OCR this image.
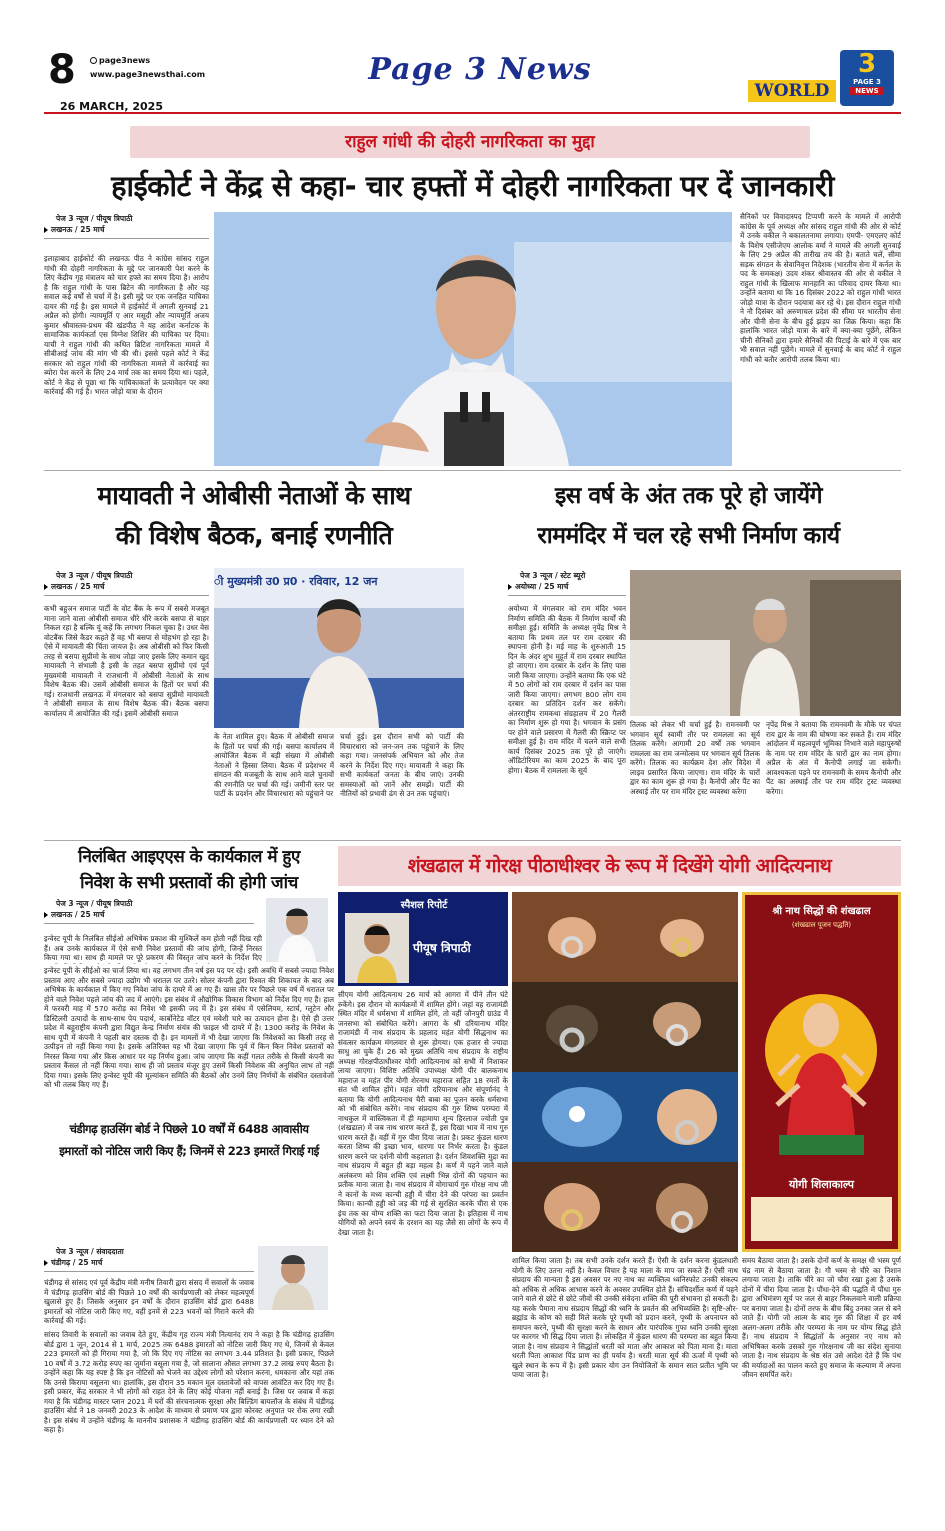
8	page3news
www.page3newsthai.com
26 MARCH, 2025
Page 3 News
WORLD
3
PAGE 3
NEWS
राहुल गांधी की दोहरी नागरिकता का मुद्दा
हाईकोर्ट ने केंद्र से कहा- चार हफ्तों में दोहरी नागरिकता पर दें जानकारी
पेज 3 न्यूज / पीयूष त्रिपाठी
लखनऊ / 25 मार्च
इलाहाबाद हाईकोर्ट की लखनऊ पीठ ने कांग्रेस सांसद राहुल गांधी की दोहरी नागरिकता के मुद्दे पर जानकारी पेश करने के लिए केंद्रीय गृह मंत्रालय को चार हफ्ते का समय दिया है। आरोप है कि राहुल गांधी के पास ब्रिटेन की नागरिकता है और यह सवाल कई वर्षों से चर्चा में है। इसी मुद्दे पर एक जनहित याचिका दायर की गई है। इस मामले में हाईकोर्ट में अगली सुनवाई 21 अप्रैल को होगी। न्यायमूर्ति ए आर मसूदी और न्यायमूर्ति अजय कुमार श्रीवास्तव-प्रथम की खंडपीठ ने यह आदेश कर्नाटक के सामाजिक कार्यकर्ता एस विग्नेश शिशिर की याचिका पर दिया। याची ने राहुल गांधी की कथित ब्रिटिश नागरिकता मामले में सीबीआई जांच की मांग भी की थी। इससे पहले कोर्ट ने केंद्र सरकार को राहुल गांधी की नागरिकता मामले में कार्रवाई का ब्योरा पेश करने के लिए 24 मार्च तक का समय दिया था। पहले, कोर्ट ने केंद्र से पूछा था कि याचिकाकर्ता के प्रत्यावेदन पर क्या कार्रवाई की गई है। भारत जोड़ो यात्रा के दौरान
सैनिकों पर विवादास्पद टिप्पणी करने के मामले में आरोपी कांग्रेस के पूर्व अध्यक्ष और सांसद राहुल गांधी की ओर से कोर्ट में उनके वकील ने बकालतनामा लगाया। एमपी- एमएलए कोर्ट के विशेष एसीजेएम आलोक वर्मा ने मामले की अगली सुनवाई के लिए 29 अप्रैल की तारीख तय की है। बताते चलें, सीमा सड़क संगठन के सेवानिवृत्त निदेशक (भारतीय सेना में कर्नल के पद के समकक्ष) उदय शंकर श्रीवास्तव की ओर से वकील ने राहुल गांधी के खिलाफ मानहानि का परिवाद दायर किया था। उन्होंने बताया था कि 16 दिसंबर 2022 को राहुल गांधी भारत जोड़ो यात्रा के दौरान पदयात्रा कर रहे थे। इस दौरान राहुल गांधी ने नौ दिसंबर को अरुणाचल प्रदेश की सीमा पर भारतीय सेना और चीनी सेना के बीच हुई झड़प का जिक्र किया। कहा कि हालांकि भारत जोड़ो यात्रा के बारे में क्या-क्या पूछेंगे, लेकिन चीनी सैनिकों द्वारा हमारे सैनिकों की पिटाई के बारे में एक बार भी सवाल नहीं पूछेंगे। मामले में सुनवाई के बाद कोर्ट ने राहुल गांधी को बतौर आरोपी तलब किया था।
मायावती ने ओबीसी नेताओं के साथ
की विशेष बैठक, बनाई रणनीति
पेज 3 न्यूज / पीयूष त्रिपाठी
लखनऊ / 25 मार्च
कभी बहुजन समाज पार्टी के वोट बैंक के रूप में सबसे मजबूत माना जाने वाला ओबीसी समाज धीरे धीरे करके बसपा से बाहर निकल रहा है बल्कि यूं कहें कि लगभग निकल चुका है। उधर वेस वोटबैंक जिसे कैडर कहते हैं वह भी बसपा से मोहभंग हो रहा है। ऐसे में मायावती की चिंता जायज है। अब ओबीसी को फिर किसी तरह से बसपा सुप्रीमो के साथ जोड़ा जाए इसके लिए कमान खुद मायावती ने संभाली है इसी के तहत बसपा सुप्रीमो एवं पूर्व मुख्यमंत्री मायावती ने राजधानी में ओबीसी नेताओं के साथ विशेष बैठक की। उसमें ओबीसी समाज के हितों पर चर्चा की गई। राजधानी लखनऊ में मंगलवार को बसपा सुप्रीमो मायावती ने ओबीसी समाज के साथ विशेष बैठक की। बैठक बसपा कार्यालय में आयोजित की गई। इसमें ओबीसी समाज
ी मुख्यमंत्री उ0 प्र0 · रविवार, 12 जन
के नेता शामिल हुए। बैठक में ओबीसी समाज के हितों पर चर्चा की गई। बसपा कार्यालय में आयोजित बैठक में बड़ी संख्या में ओबीसी नेताओं ने हिस्सा लिया। बैठक में प्रदेशभर में संगठन की मजबूती के साथ आने वाले चुनावों की रणनीति पर चर्चा की गई। जमीनी स्तर पर पार्टी के प्रदर्शन और विचारधारा को पहुंचाने पर
चर्चा हुई। इस दौरान सभी को पार्टी की विचारधारा को जन-जन तक पहुंचाने के लिए कहा गया। जनसंपर्क अभियान को और तेज करने के निर्देश दिए गए। मायावती ने कहा कि सभी कार्यकर्ता जनता के बीच जाएं। उनकी समस्याओं को जानें और समझें। पार्टी की नीतियों को प्रभावी ढंग से उन तक पहुंचाएं।
इस वर्ष के अंत तक पूरे हो जायेंगे
राममंदिर में चल रहे सभी निर्माण कार्य
पेज 3 न्यूज / स्टेट ब्यूरो
अयोध्या / 25 मार्च
अयोध्या में मंगलवार को राम मंदिर भवन निर्माण समिति की बैठक में निर्माण कार्यों की समीक्षा हुई। समिति के अध्यक्ष नृपेंद्र मिश्र ने बताया कि प्रथम तल पर राम दरबार की स्थापना होनी है। मई माह के शुरुआती 15 दिन के अंदर शुभ मुहूर्त में राम दरबार स्थापित हो जाएगा। राम दरबार के दर्शन के लिए पास जारी किया जाएगा। उन्होंने बताया कि एक घंटे में 50 लोगों को राम दरबार में दर्शन का पास जारी किया जाएगा। लगभग 800 लोग राम दरबार का प्रतिदिन दर्शन कर सकेंगे। अंतरराष्ट्रीय रामकथा संग्रहालय में 20 गैलरी का निर्माण शुरू हो गया है। भगवान के प्रसंग पर होने वाले प्रसारण में गैलरी की स्क्रिप्ट पर समीक्षा हुई है। राम मंदिर में चलने वाले सभी कार्य दिसंबर 2025 तक पूरे हो जाएंगे। ऑडिटोरियम का काम 2025 के बाद पूरा होगा। बैठक में रामलला के सूर्य
तिलक को लेकर भी चर्चा हुई है। रामनवमी पर भगवान सूर्य स्वामी तौर पर रामलला का सूर्य तिलक करेंगे। आगामी 20 वर्षों तक भगवान रामलला का राम जन्मोत्सव पर भगवान सूर्य तिलक करेंगे। तिलक का कार्यक्रम देश और विदेश में लाइव प्रसारित किया जाएगा। राम मंदिर के चारों द्वार का काम शुरू हो गया है। कैनोपी और पैंट का अस्थाई तौर पर राम मंदिर ट्रस्ट व्यवस्था करेगा
नृपेंद्र मिश्र ने बताया कि रामनवमी के मौके पर चंपत राय द्वार के नाम की घोषणा कर सकते हैं। राम मंदिर आंदोलन में महत्वपूर्ण भूमिका निभाने वाले महापुरुषों के नाम पर राम मंदिर के चारों द्वार का नाम होगा। अप्रैल के अंत में कैनोपी लगाई जा सकेगी। आवश्यकता पड़ने पर रामनवमी के समय कैनोपी और पैंट का अस्थाई तौर पर राम मंदिर ट्रस्ट व्यवस्था करेगा।
निलंबित आइएएस के कार्यकाल में हुए
निवेश के सभी प्रस्तावों की होगी जांच
पेज 3 न्यूज / पीयूष त्रिपाठी
लखनऊ / 25 मार्च
इन्वेस्ट यूपी के निलंबित सीईओ अभिषेक प्रकाश की मुश्किलें कम होती नहीं दिख रही हैं। अब उनके कार्यकाल में ऐसे सभी निवेश प्रस्तावों की जांच होगी, जिन्हें निरस्त किया गया था। साथ ही मामले पर पूरे प्रकरण की विस्तृत जांच करने के निर्देश दिए
इन्वेस्ट यूपी के सीईओ का चार्ज लिया था। वह लगभग तीन वर्ष इस पद पर रहे। इसी अवधि में सबसे ज्यादा निवेश प्रस्ताव आए और सबसे ज्यादा उद्योग भी धरातल पर उतरे। सोलर कंपनी द्वारा रिश्वत की शिकायत के बाद अब अभिषेक के कार्यकाल में किए गए निवेश जांच के दायरे में आ गए हैं। खास तौर पर पिछले एक वर्ष में धरातल पर होने वाले निवेश पहले जांच की जद में आएंगे। इस संबंध में औद्योगिक विकास विभाग को निर्देश दिए गए हैं। हाल में फरवरी माह में 570 करोड़ का निवेश भी इसकी जद में है। इस संबंध में एसेलियम, स्टार्च, ग्लूटेन और डिस्टिलरी उत्पादों के साथ-साथ पेय पदार्थ, कार्बोनेटेड वॉटर एवं मवेशी चारे का उत्पादन होना है। ऐसे ही उत्तर प्रदेश में बहुराष्ट्रीय कंपनी द्वारा विद्युत केन्द्र निर्माण संयंत्र की फाइल भी दायरे में है। 1300 करोड़ के निवेश के साथ यूपी में कंपनी ने पहली बार दस्तक दी है। इन मामलों में भी देखा जाएगा कि निवेशकों का किसी तरह से उत्पीड़न तो नहीं किया गया है। इसके अतिरिक्त यह भी देखा जाएगा कि पूर्व में किन किन निवेश प्रस्तावों को निरस्त किया गया और किस आधार पर यह निर्णय हुआ। जांच जाएगा कि कहीं गलत तरीके से किसी कंपनी का प्रस्ताव कैंसल तो नहीं किया गया। साथ ही जो प्रस्ताव मंजूर हुए उसमें किसी निवेशक की अनुचित लाभ तो नहीं दिया गया। इसके लिए इन्वेस्ट यूपी की मूल्यांकन समिति की बैठकों और उनमें लिए निर्णयों के संबंधित दस्तावेजों को भी तलब किए गए हैं।
चंडीगढ़ हाउसिंग बोर्ड ने पिछले 10 वर्षों में 6488 आवासीय
इमारतों को नोटिस जारी किए हैं; जिनमें से 223 इमारतें गिराई गई
पेज 3 न्यूज / संवाददाता
चंडीगढ़ / 25 मार्च
चंडीगढ़ से सांसद एवं पूर्व केंद्रीय मंत्री मनीष तिवारी द्वारा संसद में सवालों के जवाब में चंडीगढ़ हाउसिंग बोर्ड की पिछले 10 वर्षों की कार्यप्रणाली को लेकर महत्वपूर्ण खुलासे हुए हैं। जिसके अनुसार इन वर्षों के दौरान हाउसिंग बोर्ड द्वारा 6488 इमारतों को नोटिस जारी किए गए, वहीं इनमें से 223 भवनों को गिराने करने की कार्रवाई की गई।
सांसद तिवारी के सवालों का जवाब देते हुए, केंद्रीय गृह राज्य मंत्री नित्यानंद राय ने कहा है कि चंडीगढ़ हाउसिंग बोर्ड द्वारा 1 जून, 2014 से 1 मार्च, 2025 तक 6488 इमारतों को नोटिस जारी किए गए थे, जिनमें से केवल 223 इमारतों को ही गिराया गया है, जो कि दिए गए नोटिस का लगभग 3.44 प्रतिशत है। इसी प्रकार, पिछले 10 वर्षों में 3.72 करोड़ रुपए का जुर्माना वसूला गया है, जो सालाना औसत लगभग 37.2 लाख रुपए बैठता है। उन्होंने कहा कि यह स्पष्ट है कि इन नोटिसों को भेजने का उद्देश्य लोगों को परेशान करना, धमकाना और यहां तक कि उनसे किराया वसूलना था। हालांकि, इस दौरान 35 मकान मूल दस्तावेजों को वापस आवंटित कर दिए गए हैं। इसी प्रकार, केंद्र सरकार ने भी लोगों को राहत देने के लिए कोई योजना नहीं बनाई है। जिस पर जवाब में कहा गया है कि चंडीगढ़ मास्टर प्लान 2021 में घरों की संरचनात्मक सुरक्षा और बिल्डिंग बायलॉज के संबंध में चंडीगढ़ हाउसिंग बोर्ड ने 18 जनवरी 2023 के आदेश के माध्यम से प्रमाण पत्र द्वारा कोरक्ट अनुपात पर रोक लगा रखी है। इस संबंध में उन्होंने चंडीगढ़ के माननीय प्रशासक ने चंडीगढ़ हाउसिंग बोर्ड की कार्यप्रणाली पर ध्यान देने को कहा है।
शंखढाल में गोरक्ष पीठाधीश्वर के रूप में दिखेंगे योगी आदित्यनाथ
स्पैशल रिपोर्ट
पीयूष त्रिपाठी
श्री नाथ सिद्धों की शंखढाल
(शंखढाल पूजन पद्धति)
योगी शिलाकाल्प
सीएम योगी आदित्यनाथ 26 मार्च को आगरा में पीने तीन घंटे रुकेंगे। इस दौरान वो कार्यक्रमों में शामिल होंगे। जहां वह राजामंडी स्थित मंदिर में धर्मसभा में शामिल होंगे, तो वहीं जौनपुरी ग्राउंड में जनसभा को संबोधित करेंगे। आगरा के श्री दरियानाथ मंदिर राजामंडी में नाथ संप्रदाय के प्रहलाद महंत योगी सिद्धनाथ का संवत्सर कार्यक्रम मंगलवार से शुरू होगया। एक हजार से ज्यादा साधु आ चुके हैं। 26 को मुख्य अतिथि नाथ संप्रदाय के राष्ट्रीय अध्यक्ष गोरक्षपीठाधीश्वर योगी आदित्यनाथ को सभी में निशाकर लाया जाएगा। विशिष्ट अतिथि उपाध्यक्ष योगी पीर बालकनाथ महाराज व महंत पीर योगी शेरनाथ महाराज सहित 18 रमतों के संत भी शामिल होंगे। महंत योगी दरियानाथ और संपूर्णानंद ने बताया कि योगी आदित्यनाथ चैरी बाबा का पूजन करके धर्मसभा को भी संबोधित करेंगे। नाथ संप्रदाय की गुरु शिष्य परम्परा में नाथकुल में वास्त्विकता में ही महामाया शून्य हिरलाज ज्योती पुत्र (शंखढाल) में जब नाथ धारण करते हैं, इस दिखा भाव में नाथ गुरु धारण करते हैं। वहीं में गुरु पीरा दिया जाता है। प्रकट कुंडल धारण करता शिष्य की इच्छा भाव, धारणा पर निर्भर करता है। कुंडल धारण करने पर दर्शनी योगी कहलाता है। दर्शन शिवशक्ति मुद्रा का नाथ संप्रदाय में बहुत ही बड़ा महत्व है। कर्ण में पहने जाने वाले अलंकरण को शिव शक्ति एवं लक्ष्मी भिन्न दोनों की पहचान का प्रतीक माना जाता है। नाथ संप्रदाय में योगाचार्य गुरु गोरक्ष नाथ जी ने कानों के मध्य कान्ची हड्डी में चीरा देने की परंपरा का प्रवर्तन किया। कान्ची हड्डी को जड़ की गई से सुरक्षित करके चीरा से एक इंच तक का योग्य शक्ति का फटा दिया जाता है। इतिहास में नाथ योगियों को अपने स्वयं के दरशन का यह जैसे सा लोगों के रूप में देखा जाता है।
शामिल किया जाता है। तब सभी उनके दर्शन करते हैं। ऐसी के दर्शन करना कुंडलधारी योगी के लिए उतना नहीं है। केवल विचार है यह माला के माप जा सकते हैं। ऐसी नाथ संप्रदाय की मान्यता है इस अवसर पर नए नाथ का व्यक्तित्व ध्वनिस्फोट उनकी संकल्प को अधिक से अधिक आभास करने के अवसर उपस्थित होते हैं। संचिदर्शील कर्ण में पहने जाने वाले से छोटे से छोटे जीवों की उनकी संवेदना शक्ति की पूरी संभावना हो सकती है। यह करके पैमाना नाथ संप्रदाय सिद्धों की ध्वनि के प्रवर्तन की अभिव्यक्ति है। सृष्टि-और-ब्रह्मांड के कोण को सही मिले करके पूरे पृथ्वी को प्रदान करने, पृथ्वी के अपनापन को समापन करने, पृथ्वी की सुरक्षा करने के साधन और पारंपरिक गुफा ध्वनि उनकी सुरक्षा पर कारगर भी सिद्ध दिया जाता है। लोकहित में कुंडल धारण की परम्परा का बहुत किया जाता है। नाथ संप्रदाय ने सिद्धांतों धरती को माता और आकाश को पिता माना है। माता धरती पिता आकाश पिंड प्राण का ही पर्याय है। धरती माता सूर्य की ऊर्जा में पृथ्वी को खुले स्थान के रूप में है। इसी प्रकार योग उन नियोजितों के समान सात प्रतीत भूमि पर पाया जाता है।
समय बैठाया जाता है। उसके दोनों कर्ण के समक्ष धी भस्म पूर्ण चंद्र नाम से बैठाया जाता है। गौ भस्म से चीरे का निशान लगाया जाता है। ताकि चीरे का जो चौरा रखा हुआ है उसके दोनों में चीरा दिया जाता है। पौंधा-देने की पद्धति में पौंधा गुरु द्वारा अभिमंत्रण सूर्य पर जल से बाहर निकलवाने वाली प्रक्रिया पर बनाया जाता है। दोनों तरफ के बीच बिंदु उनका जल से बने जाते हैं। योगी जो आत्म के बाद गुरु की शिक्षा में हर वर्ष अलग-अलग तरीके और परम्परा के नाम पर योग्य सिद्ध होते हैं। नाथ संप्रदाय ने सिद्धांतों के अनुसार नए नाथ को अभिषिक्त करके उसको गुरु गोरक्षनाथ जी का संदेश सुनाया जाता है। नाथ संप्रदाय के श्रेष्ठ संत उसे आदेश देते हैं कि पंथ की मर्यादाओं का पालन करते हुए समाज के कल्याण में अपना जीवन समर्पित करे।
